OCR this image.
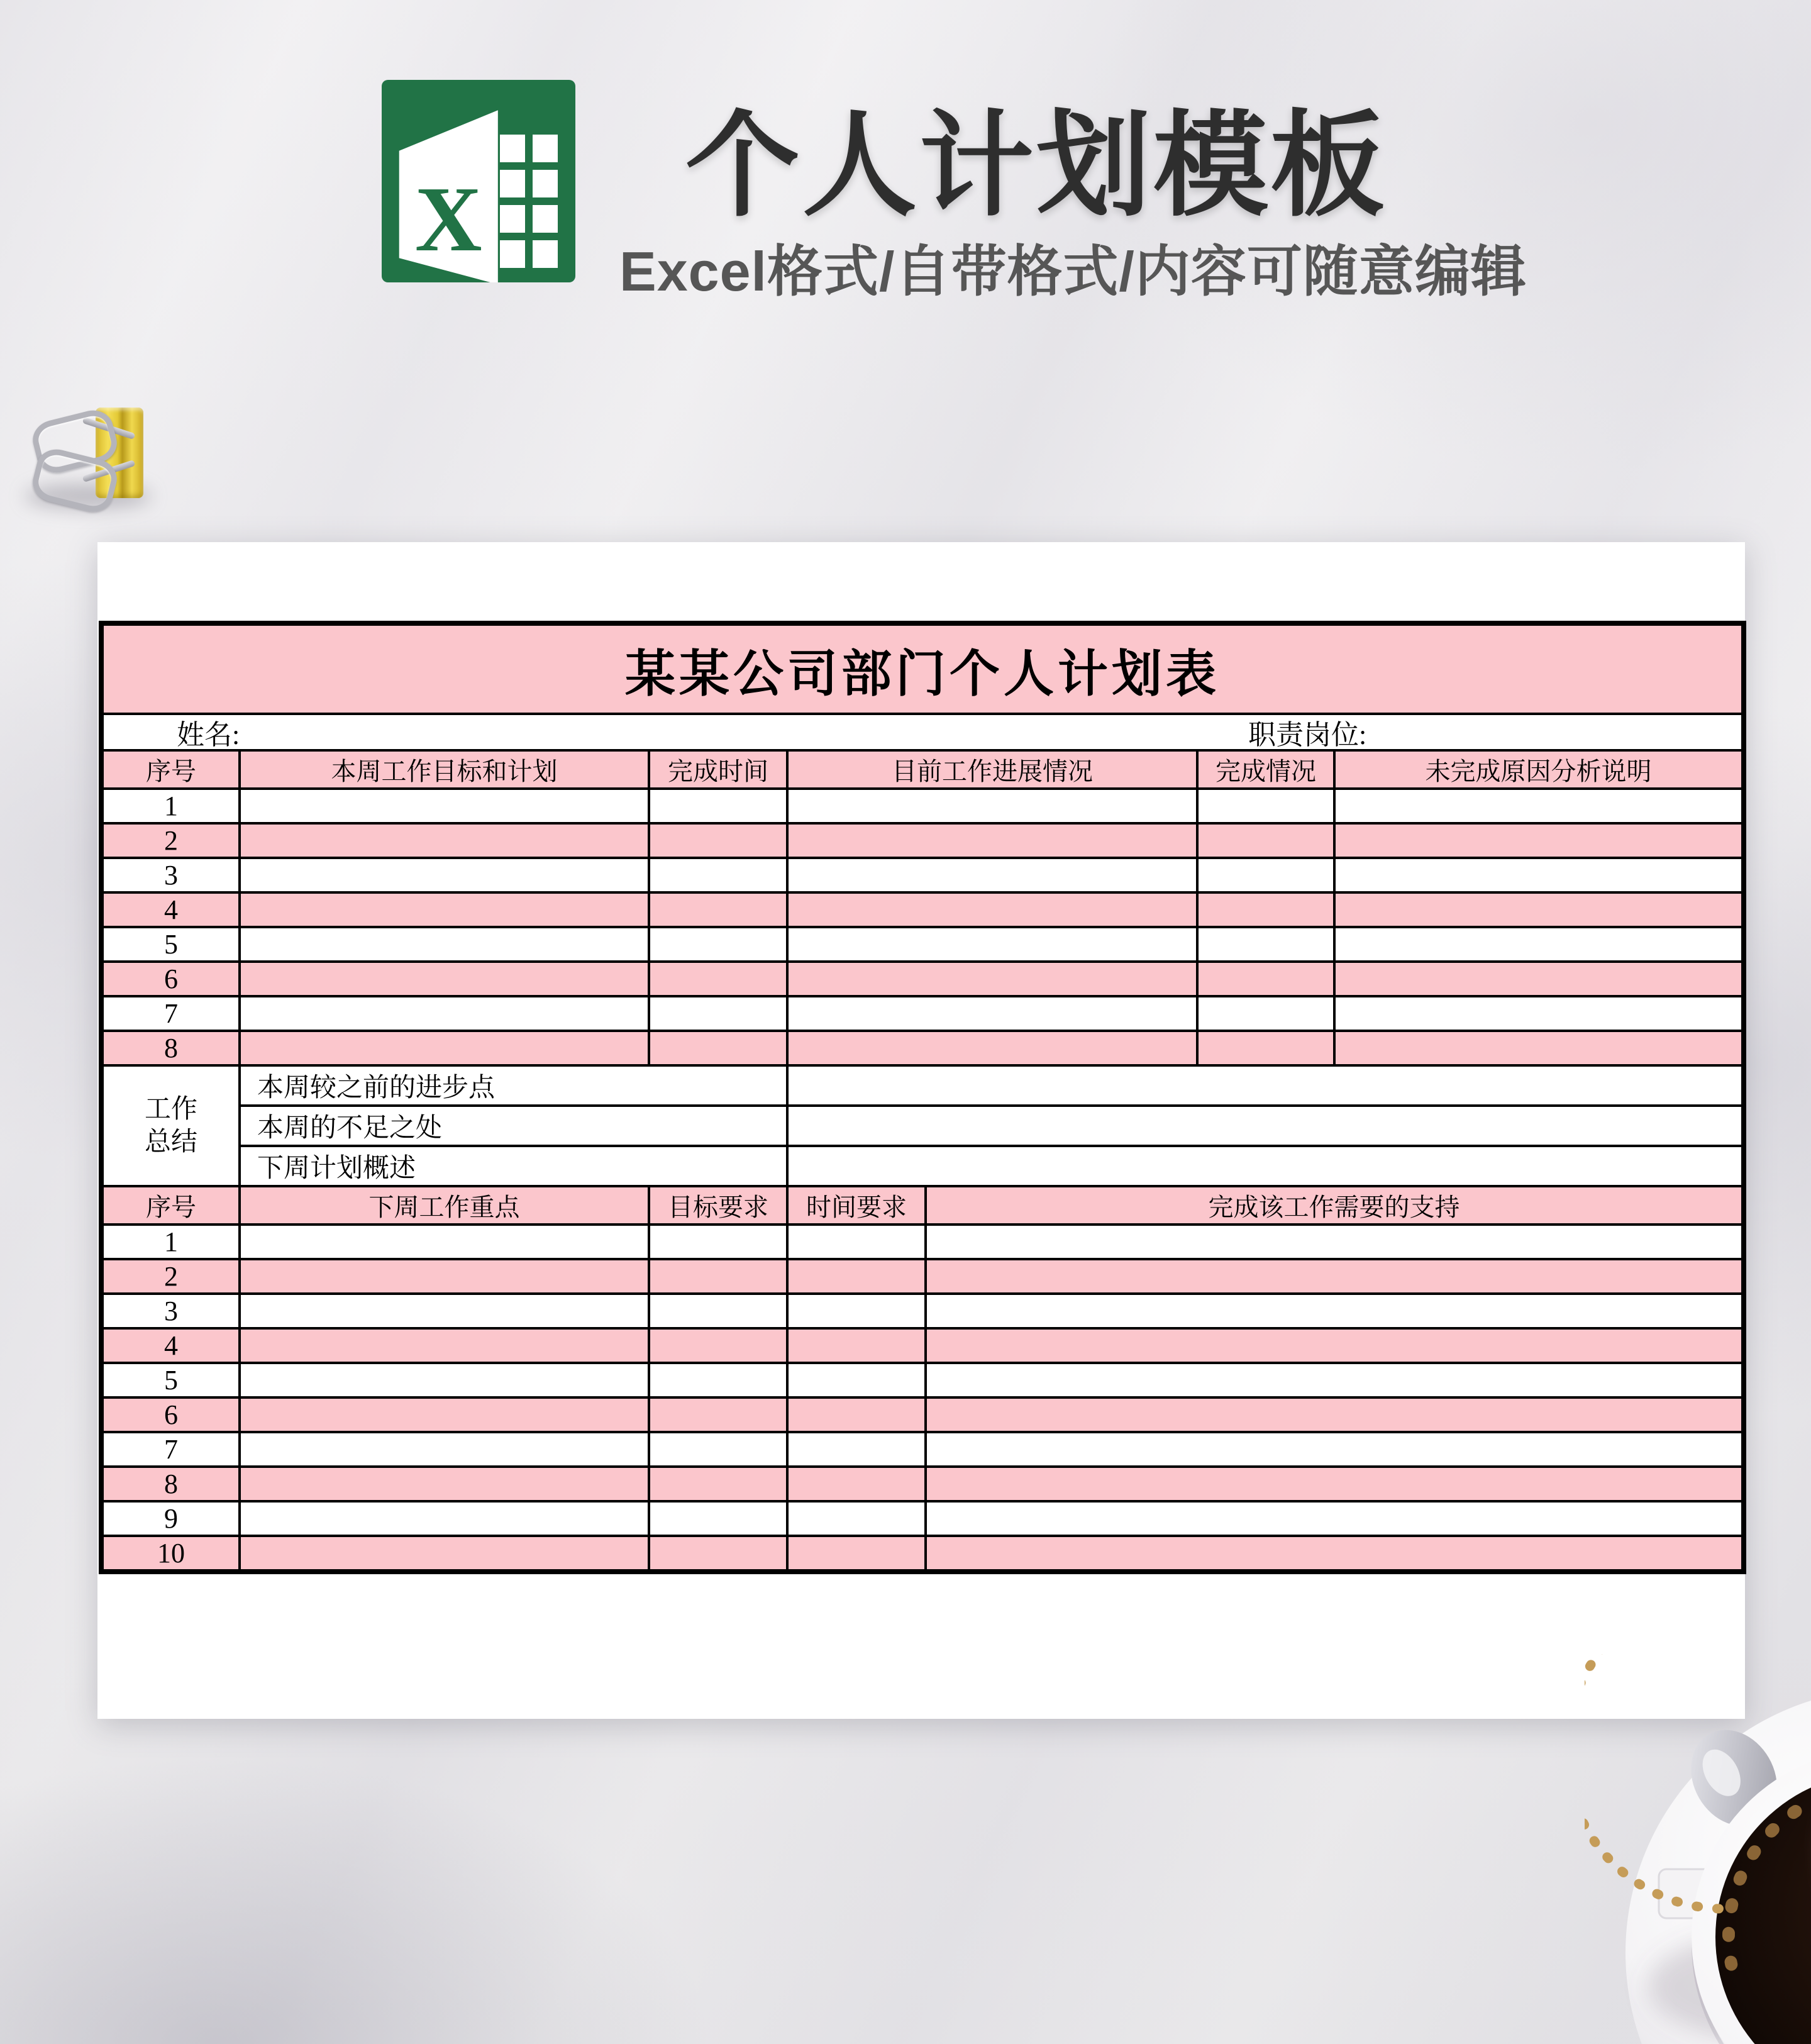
X 个人计划模板
Excel格式/自带格式/内容可随意编辑
某某公司部门个人计划表						

姓名: 职责岗位:						

序号	本周工作目标和计划	完成时间	目前工作进展情况		完成情况	未完成原因分析说明
1						
2						
3						
4						
5						
6						
7						
8						
工作总结	本周较之前的进步点					
	本周的不足之处					
	下周计划概述					
序号	下周工作重点	目标要求	时间要求	完成该工作需要的支持		
1						
2						
3						
4						
5						
6						
7						
8						
9						
10						
